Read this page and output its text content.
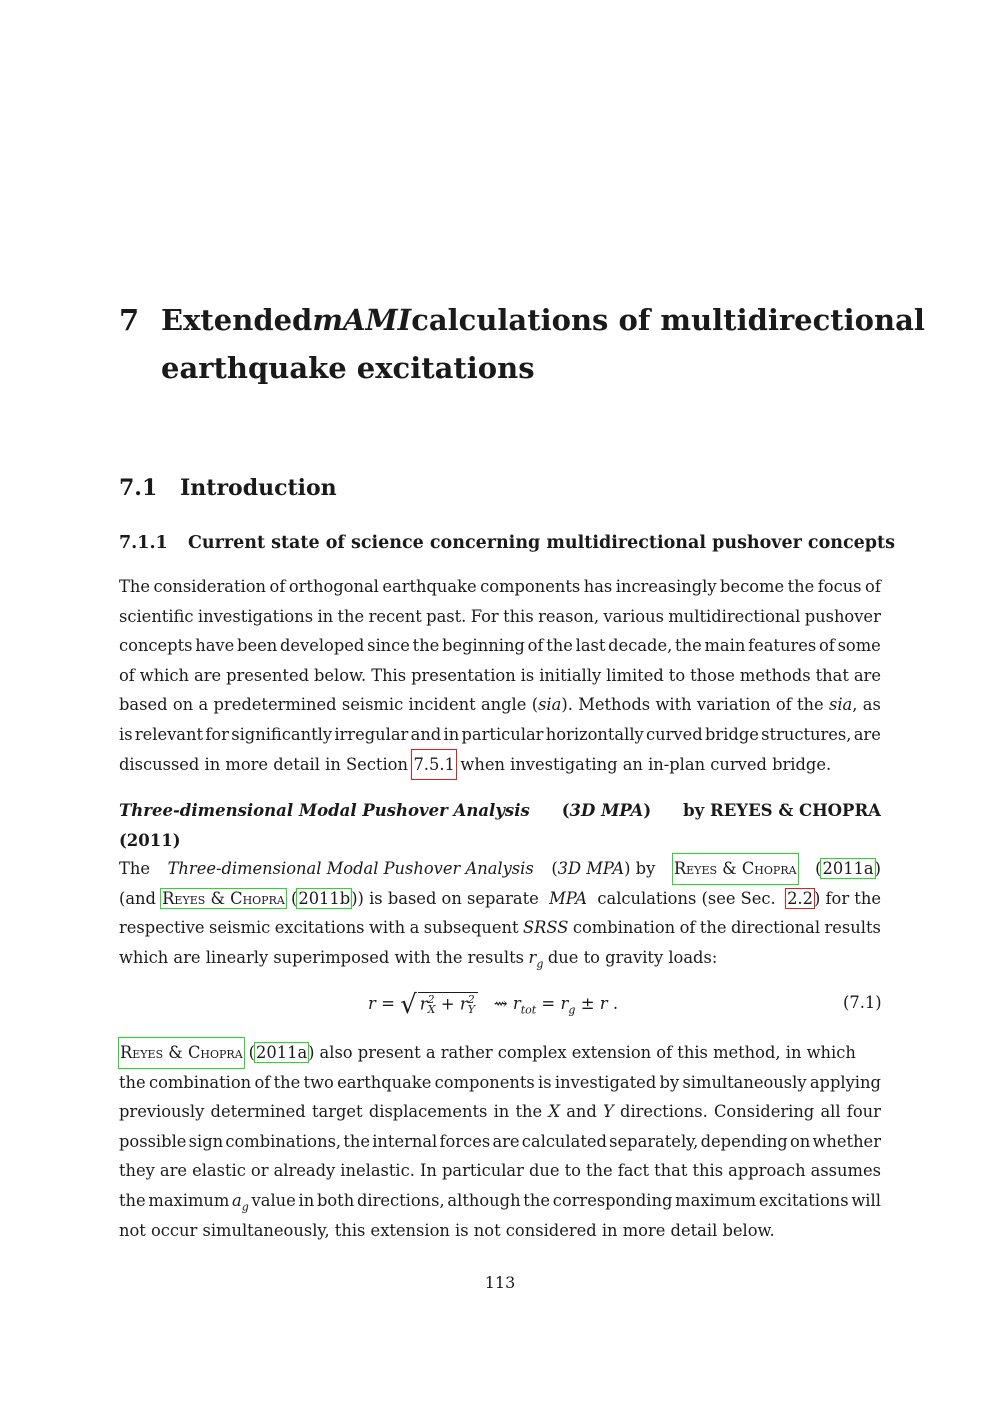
7 Extended mAMI calculations of multidirectional
earthquake excitations
7.1 Introduction
7.1.1 Current state of science concerning multidirectional pushover concepts
The consideration of orthogonal earthquake components has increasingly become the focus of
scientific investigations in the recent past. For this reason, various multidirectional pushover
concepts have been developed since the beginning of the last decade, the main features of some
of which are presented below. This presentation is initially limited to those methods that are
based on a predetermined seismic incident angle (sia). Methods with variation of the sia, as
is relevant for significantly irregular and in particular horizontally curved bridge structures, are
discussed in more detail in Section 7.5.1 when investigating an in-plan curved bridge.
Three-dimensional Modal Pushover Analysis (3D MPA) by REYES & CHOPRA
(2011)
The Three-dimensional Modal Pushover Analysis (3D MPA) by Reyes & Chopra (2011a)
(and Reyes & Chopra (2011b)) is based on separate MPA calculations (see Sec. 2.2) for the
respective seismic excitations with a subsequent SRSS combination of the directional results
which are linearly superimposed with the results $r_g$ due to gravity loads:
r = √ $r^2_X + r^2_Y$ ⇝ $r_{tot} = r_g \pm r$ .	(7.1)
Reyes & Chopra (2011a) also present a rather complex extension of this method, in which
the combination of the two earthquake components is investigated by simultaneously applying
previously determined target displacements in the X and Y directions. Considering all four
possible sign combinations, the internal forces are calculated separately, depending on whether
they are elastic or already inelastic. In particular due to the fact that this approach assumes
the maximum $a_g$ value in both directions, although the corresponding maximum excitations will
not occur simultaneously, this extension is not considered in more detail below.
113
